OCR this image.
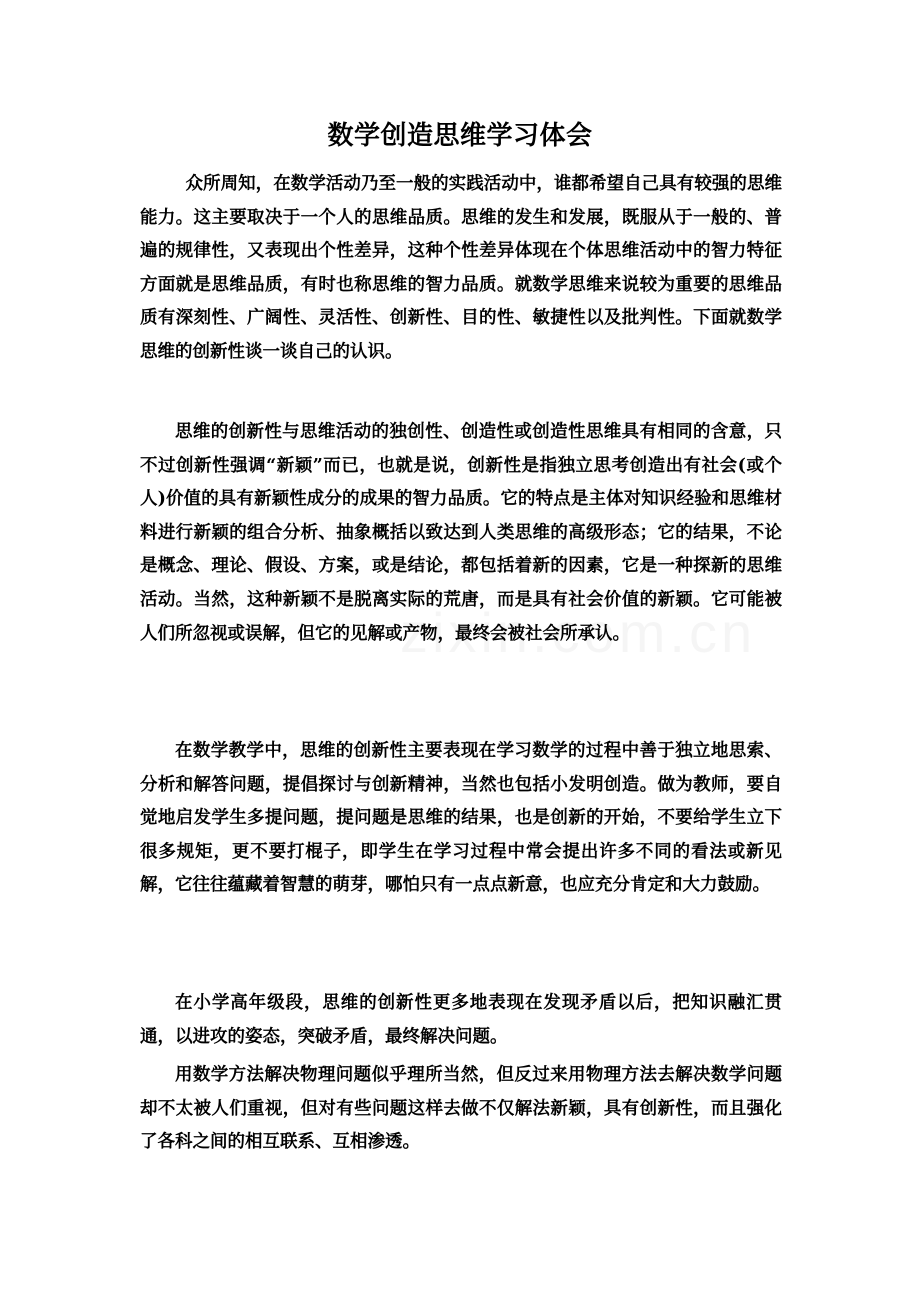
数学创造思维学习体会

众所周知，在数学活动乃至一般的实践活动中，谁都希望自己具有较强的思维能力。这主要取决于一个人的思维品质。思维的发生和发展，既服从于一般的、普遍的规律性，又表现出个性差异，这种个性差异体现在个体思维活动中的智力特征方面就是思维品质，有时也称思维的智力品质。就数学思维来说较为重要的思维品质有深刻性、广阔性、灵活性、创新性、目的性、敏捷性以及批判性。下面就数学思维的创新性谈一谈自己的认识。

思维的创新性与思维活动的独创性、创造性或创造性思维具有相同的含意，只不过创新性强调“新颖”而已，也就是说，创新性是指独立思考创造出有社会(或个人)价值的具有新颖性成分的成果的智力品质。它的特点是主体对知识经验和思维材料进行新颖的组合分析、抽象概括以致达到人类思维的高级形态；它的结果，不论是概念、理论、假设、方案，或是结论，都包括着新的因素，它是一种探新的思维活动。当然，这种新颖不是脱离实际的荒唐，而是具有社会价值的新颖。它可能被人们所忽视或误解，但它的见解或产物，最终会被社会所承认。

在数学教学中，思维的创新性主要表现在学习数学的过程中善于独立地思索、分析和解答问题，提倡探讨与创新精神，当然也包括小发明创造。做为教师，要自觉地启发学生多提问题，提问题是思维的结果，也是创新的开始，不要给学生立下很多规矩，更不要打棍子，即学生在学习过程中常会提出许多不同的看法或新见解，它往往蕴藏着智慧的萌芽，哪怕只有一点点新意，也应充分肯定和大力鼓励。

在小学高年级段，思维的创新性更多地表现在发现矛盾以后，把知识融汇贯通，以进攻的姿态，突破矛盾，最终解决问题。

用数学方法解决物理问题似乎理所当然，但反过来用物理方法去解决数学问题却不太被人们重视，但对有些问题这样去做不仅解法新颖，具有创新性，而且强化了各科之间的相互联系、互相渗透。
